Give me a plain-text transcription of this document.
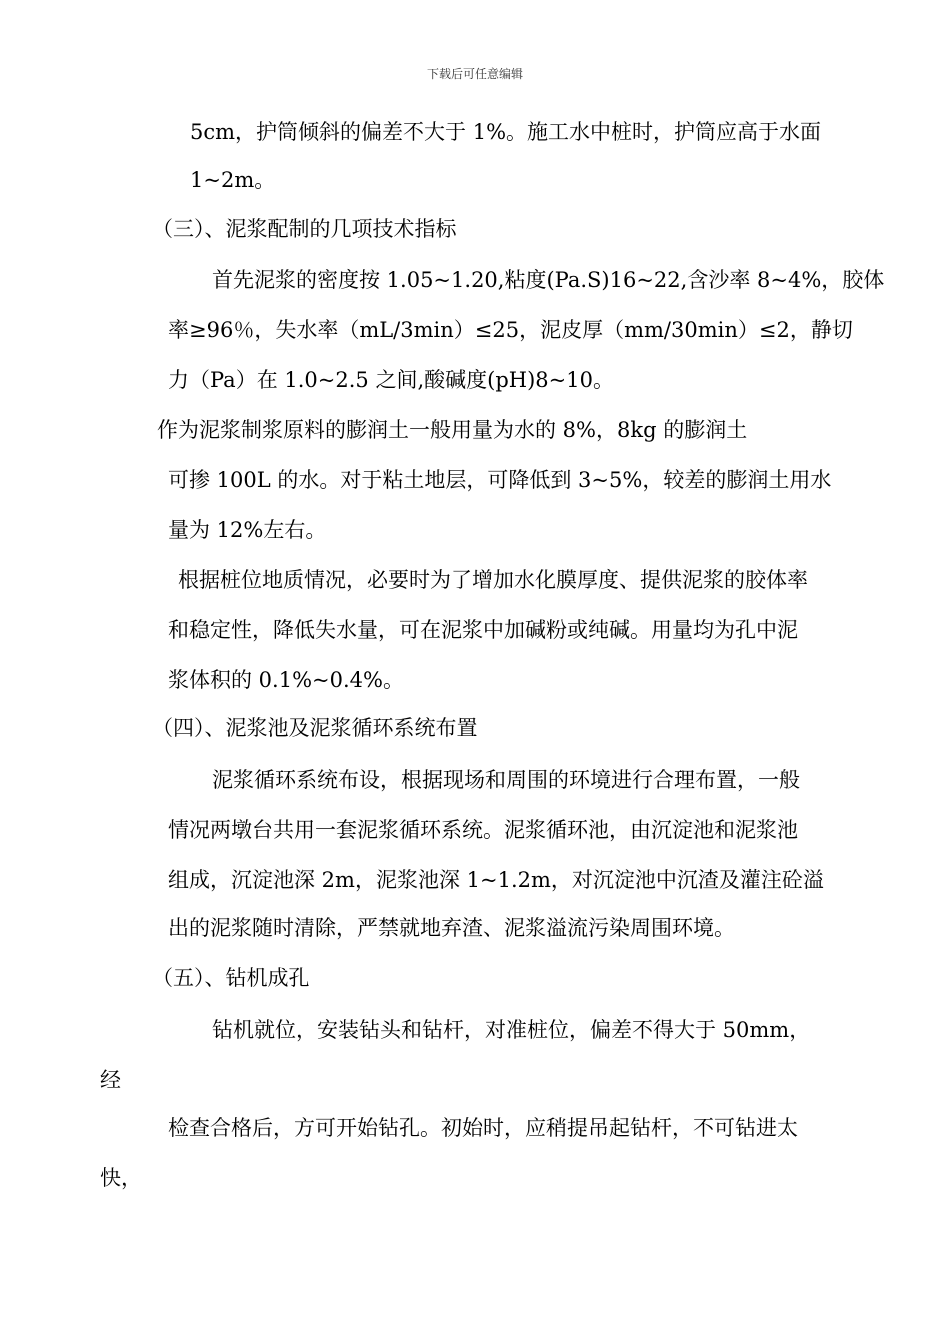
下载后可任意编辑
5cm，护筒倾斜的偏差不大于 1%。施工水中桩时，护筒应高于水面
1~2m。
（三）、泥浆配制的几项技术指标
首先泥浆的密度按 1.05~1.20,粘度(Pa.S)16~22,含沙率 8~4%，胶体
率≥96％，失水率（mL/3min）≤25，泥皮厚（mm/30min）≤2，静切
力（Pa）在 1.0~2.5 之间,酸碱度(pH)8~10。
作为泥浆制浆原料的膨润土一般用量为水的 8%，8kg 的膨润土
可掺 100L 的水。对于粘土地层，可降低到 3~5%，较差的膨润土用水
量为 12%左右。
根据桩位地质情况，必要时为了增加水化膜厚度、提供泥浆的胶体率
和稳定性，降低失水量，可在泥浆中加碱粉或纯碱。用量均为孔中泥
浆体积的 0.1%~0.4%。
（四）、泥浆池及泥浆循环系统布置
泥浆循环系统布设，根据现场和周围的环境进行合理布置，一般
情况两墩台共用一套泥浆循环系统。泥浆循环池，由沉淀池和泥浆池
组成，沉淀池深 2m，泥浆池深 1~1.2m，对沉淀池中沉渣及灌注砼溢
出的泥浆随时清除，严禁就地弃渣、泥浆溢流污染周围环境。
（五）、钻机成孔
钻机就位，安装钻头和钻杆，对准桩位，偏差不得大于 50mm，
经
检查合格后，方可开始钻孔。初始时，应稍提吊起钻杆，不可钻进太
快，
